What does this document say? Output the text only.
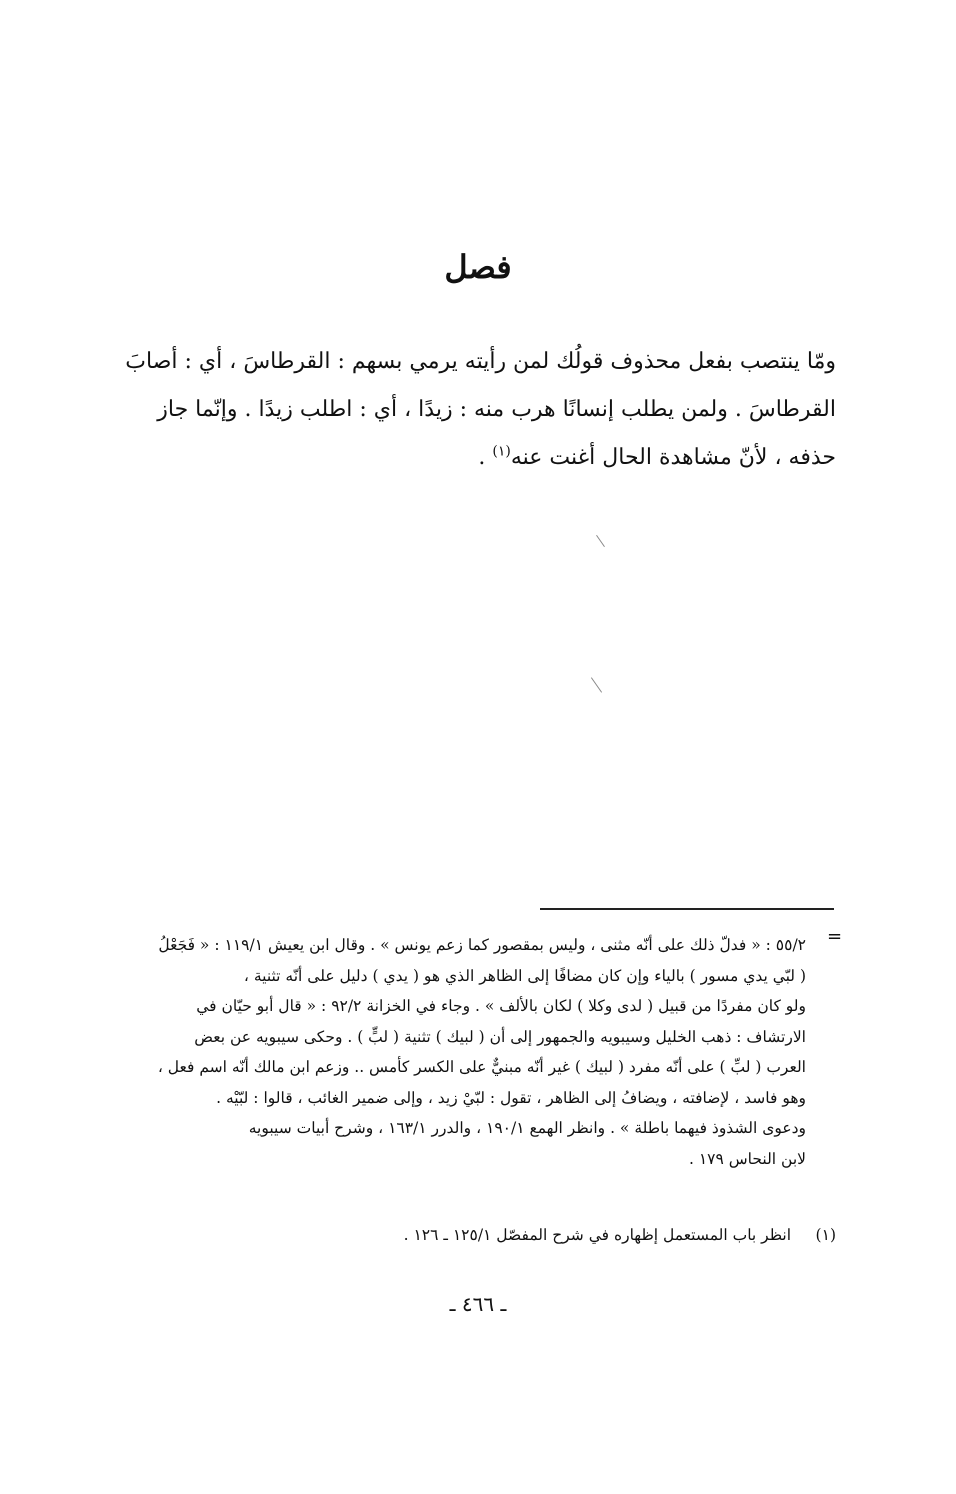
فصل
ومّا ينتصب بفعل محذوف قولُك لمن رأيته يرمي بسهم : القرطاسَ ، أي : أصابَ
القرطاسَ . ولمن يطلب إنسانًا هرب منه : زيدًا ، أي : اطلب زيدًا . وإنّما جاز
حذفه ، لأنّ مشاهدة الحال أغنت عنه$^{(١)}$ .
=
٥٥/٢ : « فدلّ ذلك على أنّه مثنى ، وليس بمقصور كما زعم يونس » . وقال ابن يعيش ١١٩/١ : « فَجَعْلُ
( لبّي يدي مسور ) بالياء وإن كان مضافًا إلى الظاهر الذي هو ( يدي ) دليل على أنّه تثنية ،
ولو كان مفردًا من قبيل ( لدى وكلا ) لكان بالألف » . وجاء في الخزانة ٩٢/٢ : « قال أبو حيّان في
الارتشاف : ذهب الخليل وسيبويه والجمهور إلى أن ( لبيك ) تثنية ( لبٍّ ) . وحكى سيبويه عن بعض
العرب ( لبِّ ) على أنّه مفرد ( لبيك ) غير أنّه مبنيٌّ على الكسر كأمس .. وزعم ابن مالك أنّه اسم فعل ،
وهو فاسد ، لإضافته ، ويضافُ إلى الظاهر ، تقول : لبّيْ زيد ، وإلى ضمير الغائب ، قالوا : لبّيْه .
ودعوى الشذوذ فيهما باطلة » . وانظر الهمع ١٩٠/١ ، والدرر ١٦٣/١ ، وشرح أبيات سيبويه
لابن النحاس ١٧٩ .
(١) انظر باب المستعمل إظهاره في شرح المفصّل ١٢٥/١ ـ ١٢٦ .
ـ ٤٦٦ ـ
